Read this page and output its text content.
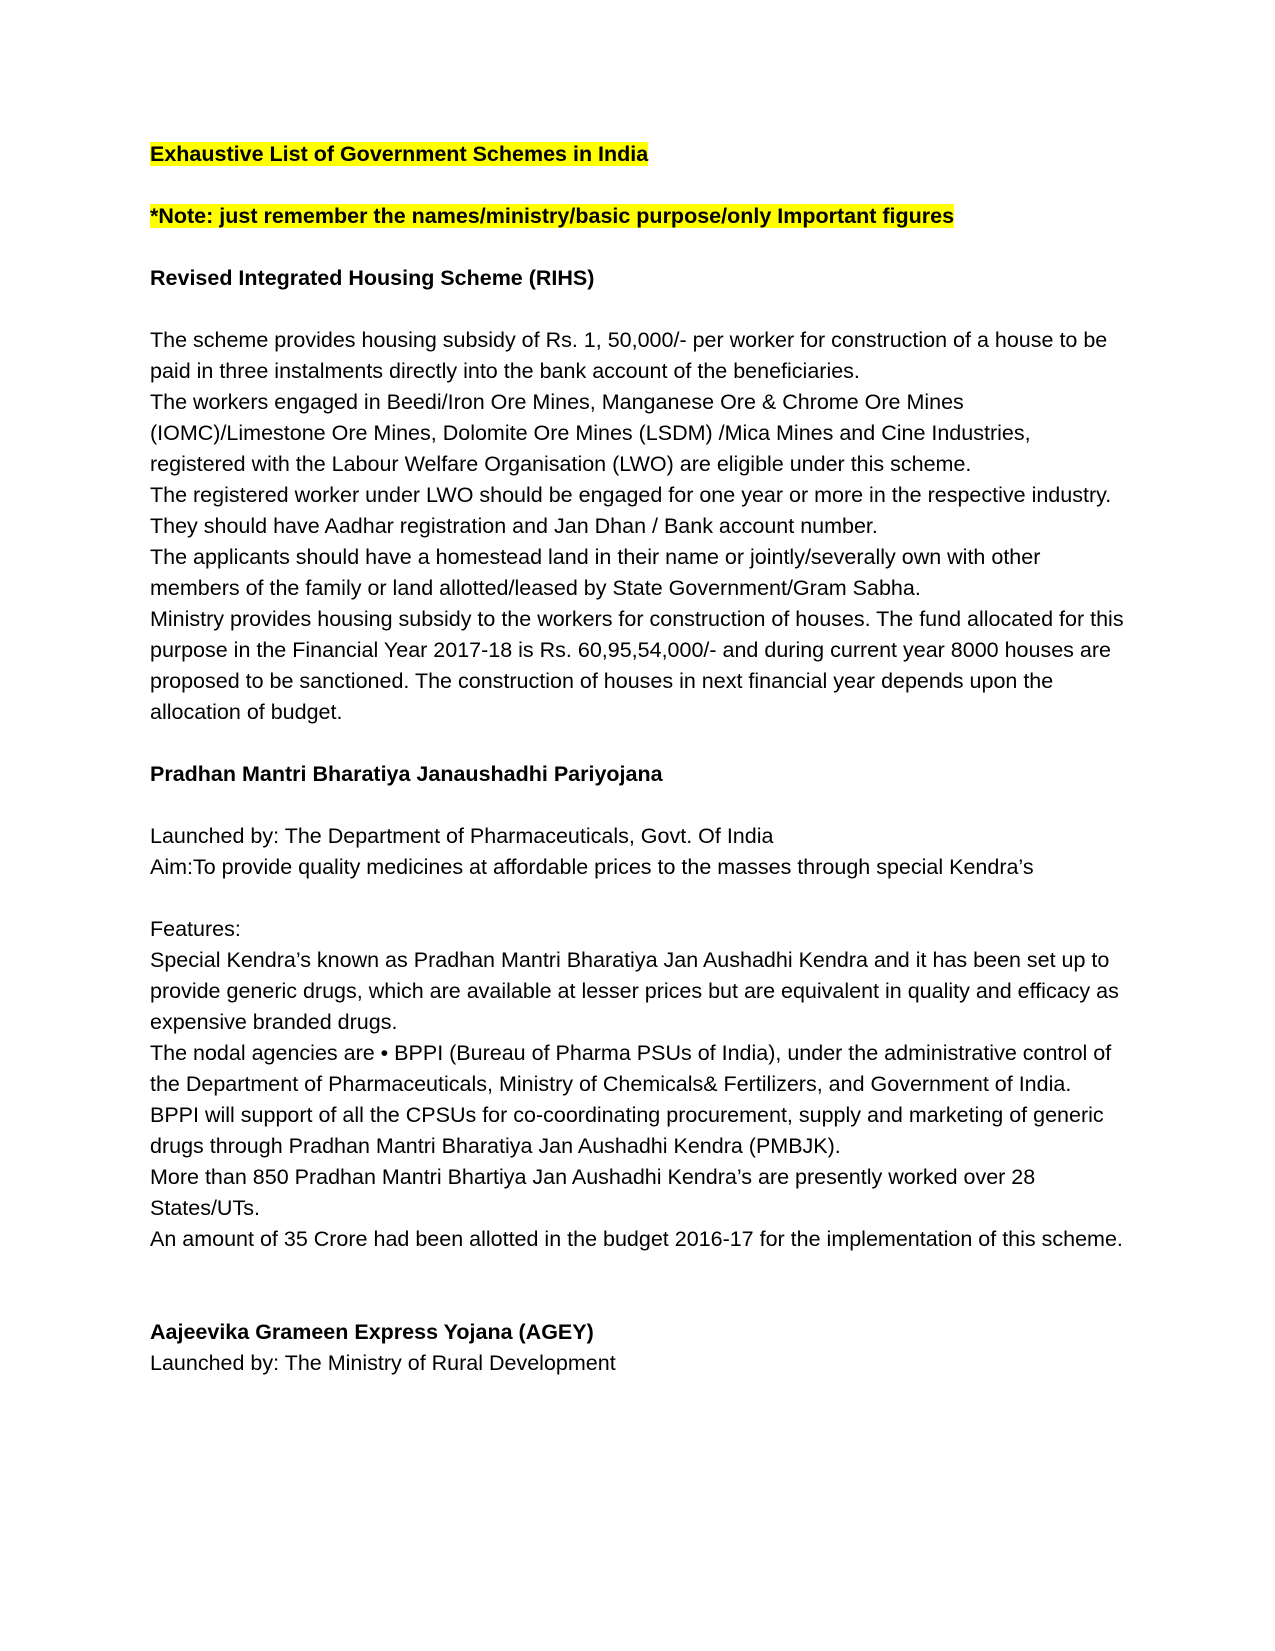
Exhaustive List of Government Schemes in India

*Note: just remember the names/ministry/basic purpose/only Important figures

Revised Integrated Housing Scheme (RIHS)

The scheme provides housing subsidy of Rs. 1, 50,000/- per worker for construction of a house to be paid in three instalments directly into the bank account of the beneficiaries.

The workers engaged in Beedi/Iron Ore Mines, Manganese Ore & Chrome Ore Mines (IOMC)/Limestone Ore Mines, Dolomite Ore Mines (LSDM) /Mica Mines and Cine Industries, registered with the Labour Welfare Organisation (LWO) are eligible under this scheme.

The registered worker under LWO should be engaged for one year or more in the respective industry.

They should have Aadhar registration and Jan Dhan / Bank account number.

The applicants should have a homestead land in their name or jointly/severally own with other members of the family or land allotted/leased by State Government/Gram Sabha.

Ministry provides housing subsidy to the workers for construction of houses. The fund allocated for this purpose in the Financial Year 2017-18 is Rs. 60,95,54,000/- and during current year 8000 houses are proposed to be sanctioned. The construction of houses in next financial year depends upon the allocation of budget.

Pradhan Mantri Bharatiya Janaushadhi Pariyojana

Launched by: The Department of Pharmaceuticals, Govt. Of India

Aim:To provide quality medicines at affordable prices to the masses through special Kendra’s

Features:

Special Kendra’s known as Pradhan Mantri Bharatiya Jan Aushadhi Kendra and it has been set up to provide generic drugs, which are available at lesser prices but are equivalent in quality and efficacy as expensive branded drugs.

The nodal agencies are • BPPI (Bureau of Pharma PSUs of India), under the administrative control of the Department of Pharmaceuticals, Ministry of Chemicals& Fertilizers, and Government of India.

BPPI will support of all the CPSUs for co-coordinating procurement, supply and marketing of generic drugs through Pradhan Mantri Bharatiya Jan Aushadhi Kendra (PMBJK).

More than 850 Pradhan Mantri Bhartiya Jan Aushadhi Kendra’s are presently worked over 28 States/UTs.

An amount of 35 Crore had been allotted in the budget 2016-17 for the implementation of this scheme.

Aajeevika Grameen Express Yojana (AGEY)

Launched by: The Ministry of Rural Development
